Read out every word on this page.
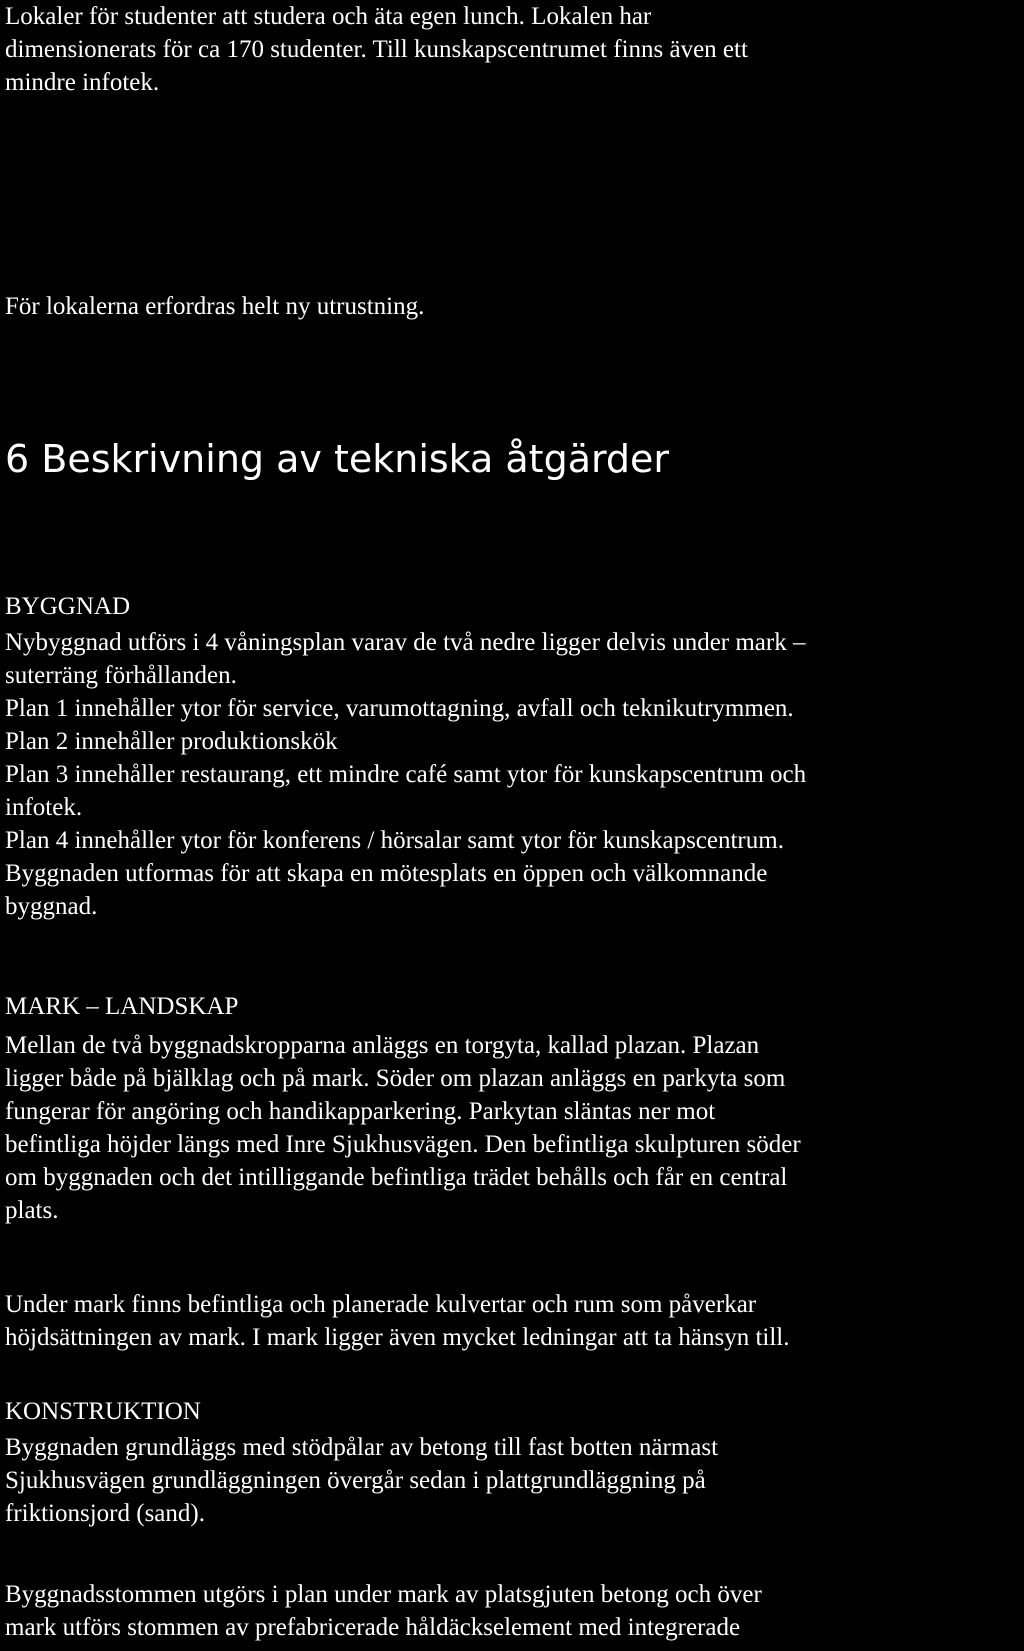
Lokaler för studenter att studera och äta egen lunch. Lokalen har
dimensionerats för ca 170 studenter. Till kunskapscentrumet finns även ett
mindre infotek.

För lokalerna erfordras helt ny utrustning.

6 Beskrivning av tekniska åtgärder

BYGGNAD

Nybyggnad utförs i 4 våningsplan varav de två nedre ligger delvis under mark –
suterräng förhållanden.
Plan 1 innehåller ytor för service, varumottagning, avfall och teknikutrymmen.
Plan 2 innehåller produktionskök
Plan 3 innehåller restaurang, ett mindre café samt ytor för kunskapscentrum och
infotek.
Plan 4 innehåller ytor för konferens / hörsalar samt ytor för kunskapscentrum.
Byggnaden utformas för att skapa en mötesplats en öppen och välkomnande
byggnad.

MARK – LANDSKAP

Mellan de två byggnadskropparna anläggs en torgyta, kallad plazan. Plazan
ligger både på bjälklag och på mark. Söder om plazan anläggs en parkyta som
fungerar för angöring och handikapparkering. Parkytan släntas ner mot
befintliga höjder längs med Inre Sjukhusvägen. Den befintliga skulpturen söder
om byggnaden och det intilliggande befintliga trädet behålls och får en central
plats.

Under mark finns befintliga och planerade kulvertar och rum som påverkar
höjdsättningen av mark. I mark ligger även mycket ledningar att ta hänsyn till.

KONSTRUKTION

Byggnaden grundläggs med stödpålar av betong till fast botten närmast
Sjukhusvägen grundläggningen övergår sedan i plattgrundläggning på
friktionsjord (sand).

Byggnadsstommen utgörs i plan under mark av platsgjuten betong och över
mark utförs stommen av prefabricerade håldäckselement med integrerade
